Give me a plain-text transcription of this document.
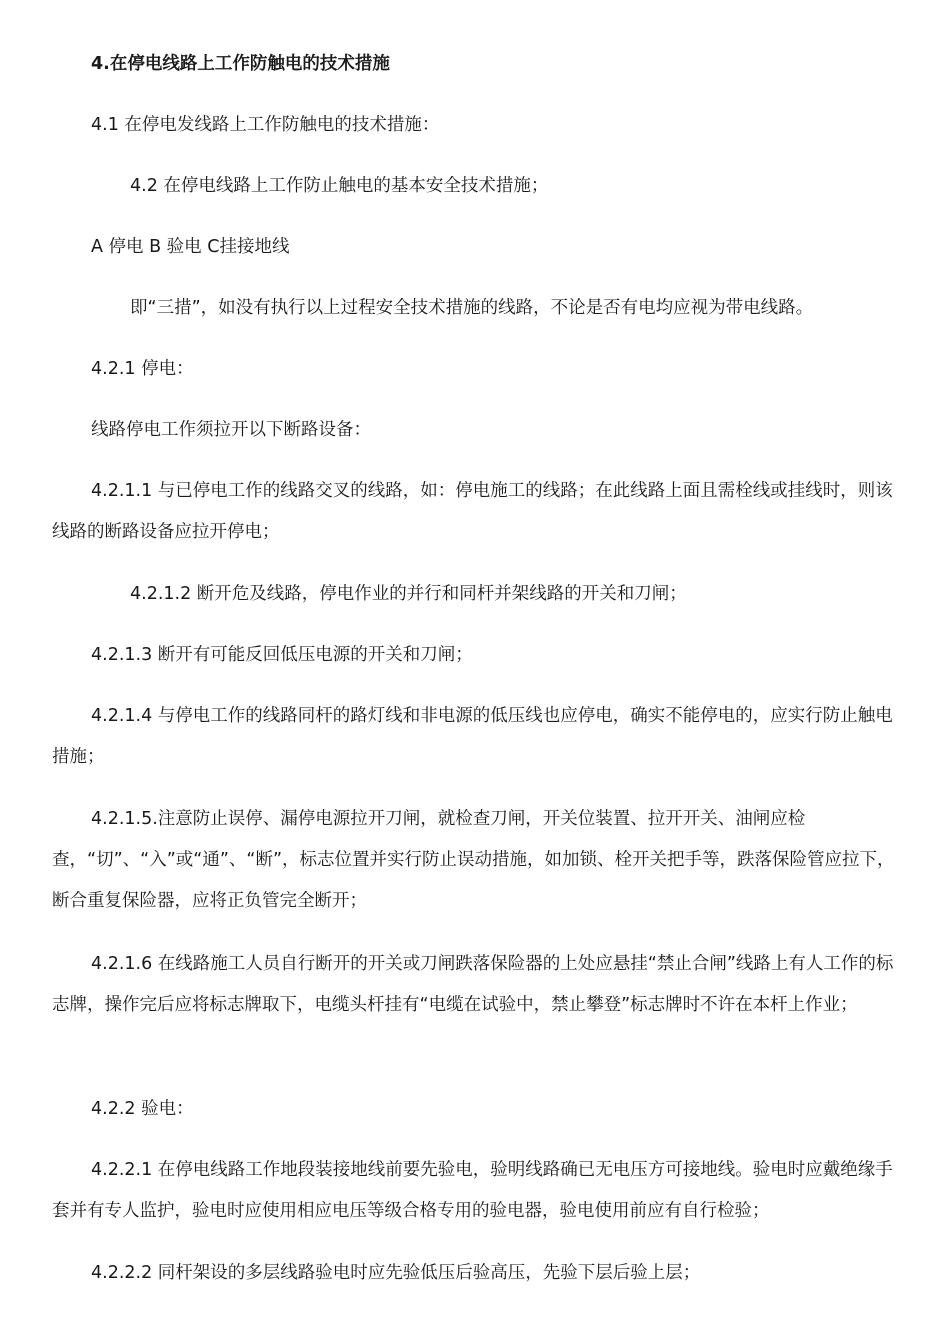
4.在停电线路上工作防触电的技术措施

4.1 在停电发线路上工作防触电的技术措施：

4.2 在停电线路上工作防止触电的基本安全技术措施；

A 停电 B 验电 C挂接地线

即“三措”，如没有执行以上过程安全技术措施的线路，不论是否有电均应视为带电线路。

4.2.1 停电：

线路停电工作须拉开以下断路设备：

4.2.1.1 与已停电工作的线路交叉的线路，如：停电施工的线路；在此线路上面且需栓线或挂线时，则该线路的断路设备应拉开停电；

4.2.1.2 断开危及线路，停电作业的并行和同杆并架线路的开关和刀闸；

4.2.1.3 断开有可能反回低压电源的开关和刀闸；

4.2.1.4 与停电工作的线路同杆的路灯线和非电源的低压线也应停电，确实不能停电的，应实行防止触电措施；

4.2.1.5.注意防止误停、漏停电源拉开刀闸，就检查刀闸，开关位装置、拉开开关、油闸应检查，“切”、“入”或“通”、“断”，标志位置并实行防止误动措施，如加锁、栓开关把手等，跌落保险管应拉下，断合重复保险器，应将正负管完全断开；

4.2.1.6 在线路施工人员自行断开的开关或刀闸跌落保险器的上处应悬挂“禁止合闸”线路上有人工作的标志牌，操作完后应将标志牌取下，电缆头杆挂有“电缆在试验中，禁止攀登”标志牌时不许在本杆上作业；

4.2.2 验电：

4.2.2.1 在停电线路工作地段装接地线前要先验电，验明线路确已无电压方可接地线。验电时应戴绝缘手套并有专人监护，验电时应使用相应电压等级合格专用的验电器，验电使用前应有自行检验；

4.2.2.2 同杆架设的多层线路验电时应先验低压后验高压，先验下层后验上层；
